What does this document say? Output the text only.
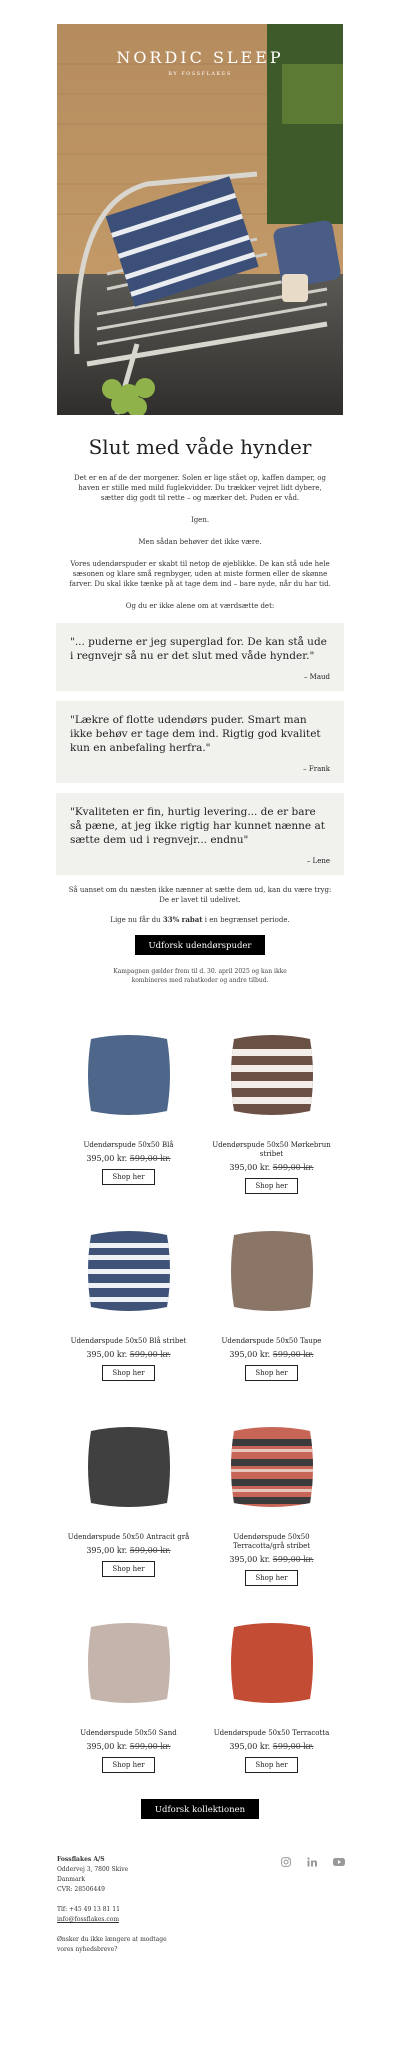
NORDIC SLEEP
BY FOSSFLAKES
Slut med våde hynder

Det er en af de der morgener. Solen er lige stået op, kaffen damper, og haven er stille med mild fuglekvidder. Du trækker vejret lidt dybere, sætter dig godt til rette – og mærker det. Puden er våd.

Igen.

Men sådan behøver det ikke være.

Vores udendørspuder er skabt til netop de øjeblikke. De kan stå ude hele sæsonen og klare små regnbyger, uden at miste formen eller de skønne farver. Du skal ikke tænke på at tage dem ind – bare nyde, når du har tid.

Og du er ikke alene om at værdsætte det:

"... puderne er jeg superglad for. De kan stå ude i regnvejr så nu er det slut med våde hynder."
– Maud
"Lækre of flotte udendørs puder. Smart man ikke behøv er tage dem ind. Rigtig god kvalitet kun en anbefaling herfra."
– Frank
"Kvaliteten er fin, hurtig levering... de er bare så pæne, at jeg ikke rigtig har kunnet nænne at sætte dem ud i regnvejr... endnu"
– Lene

Så uanset om du næsten ikke nænner at sætte dem ud, kan du være tryg: De er lavet til udelivet.

Lige nu får du 33% rabat i en begrænset periode.

Udforsk udendørspuder
Kampagnen gælder frem til d. 30. april 2025 og kan ikke kombineres med rabatkoder og andre tilbud.
Udendørspude 50x50 Blå
395,00 kr. 599,00 kr.
Shop her
Udendørspude 50x50 Mørkebrun stribet
395,00 kr. 599,00 kr.
Shop her
Udendørspude 50x50 Blå stribet
395,00 kr. 599,00 kr.
Shop her
Udendørspude 50x50 Taupe
395,00 kr. 599,00 kr.
Shop her
Udendørspude 50x50 Antracit grå
395,00 kr. 599,00 kr.
Shop her
Udendørspude 50x50 Terracotta/grå stribet
395,00 kr. 599,00 kr.
Shop her
Udendørspude 50x50 Sand
395,00 kr. 599,00 kr.
Shop her
Udendørspude 50x50 Terracotta
395,00 kr. 599,00 kr.
Shop her
Udforsk kollektionen
Fossflakes A/S
Oddervej 3, 7800 Skive
Danmark
CVR: 28506449
Tlf: +45 49 13 81 11
info@fossflakes.com
Ønsker du ikke længere at modtage vores nyhedsbreve?
